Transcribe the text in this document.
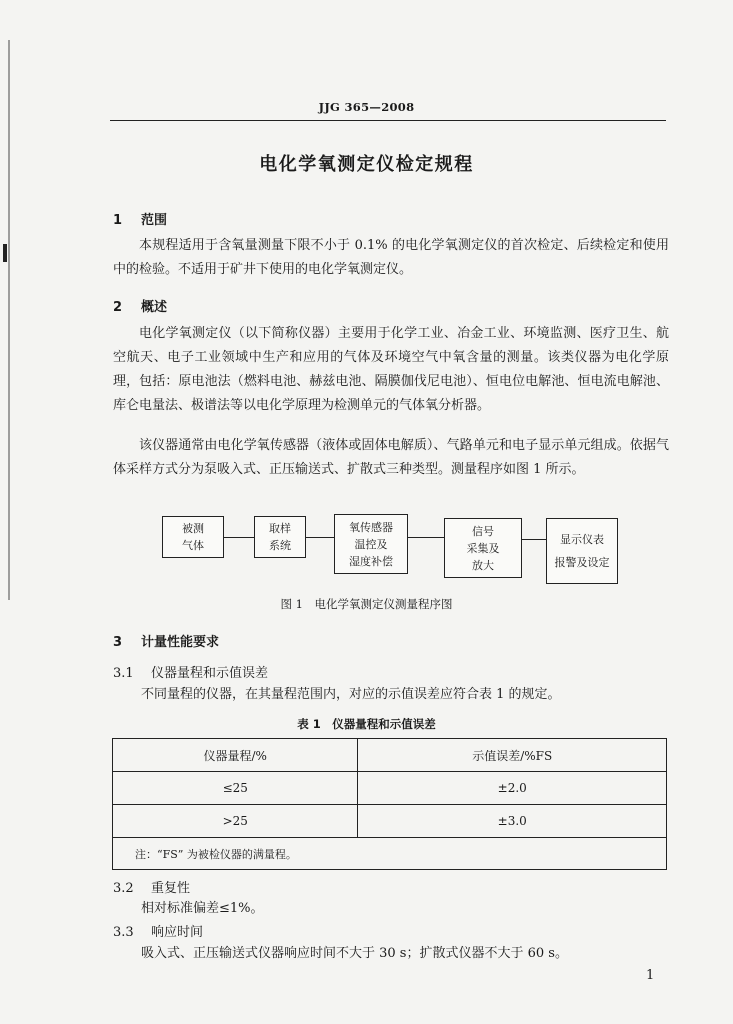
JJG 365—2008
电化学氧测定仪检定规程
1 范围
本规程适用于含氧量测量下限不小于 0.1% 的电化学氧测定仪的首次检定、后续检定和使用中的检验。不适用于矿井下使用的电化学氧测定仪。
2 概述
电化学氧测定仪（以下简称仪器）主要用于化学工业、冶金工业、环境监测、医疗卫生、航空航天、电子工业领域中生产和应用的气体及环境空气中氧含量的测量。该类仪器为电化学原理，包括：原电池法（燃料电池、赫兹电池、隔膜伽伐尼电池）、恒电位电解池、恒电流电解池、库仑电量法、极谱法等以电化学原理为检测单元的气体氧分析器。
该仪器通常由电化学氧传感器（液体或固体电解质）、气路单元和电子显示单元组成。依据气体采样方式分为泵吸入式、正压输送式、扩散式三种类型。测量程序如图 1 所示。
被测
气体
取样
系统
氧传感器
温控及
湿度补偿
信号
采集及
放大
显示仪表
报警及设定
图 1　电化学氧测定仪测量程序图
3 计量性能要求
3.1 仪器量程和示值误差
不同量程的仪器，在其量程范围内，对应的示值误差应符合表 1 的规定。
表 1　仪器量程和示值误差
仪器量程/%	示值误差/%FS
≤25	±2.0
>25	±3.0
注：“FS” 为被检仪器的满量程。	
3.2 重复性
相对标准偏差≤1%。
3.3 响应时间
吸入式、正压输送式仪器响应时间不大于 30 s；扩散式仪器不大于 60 s。
1
